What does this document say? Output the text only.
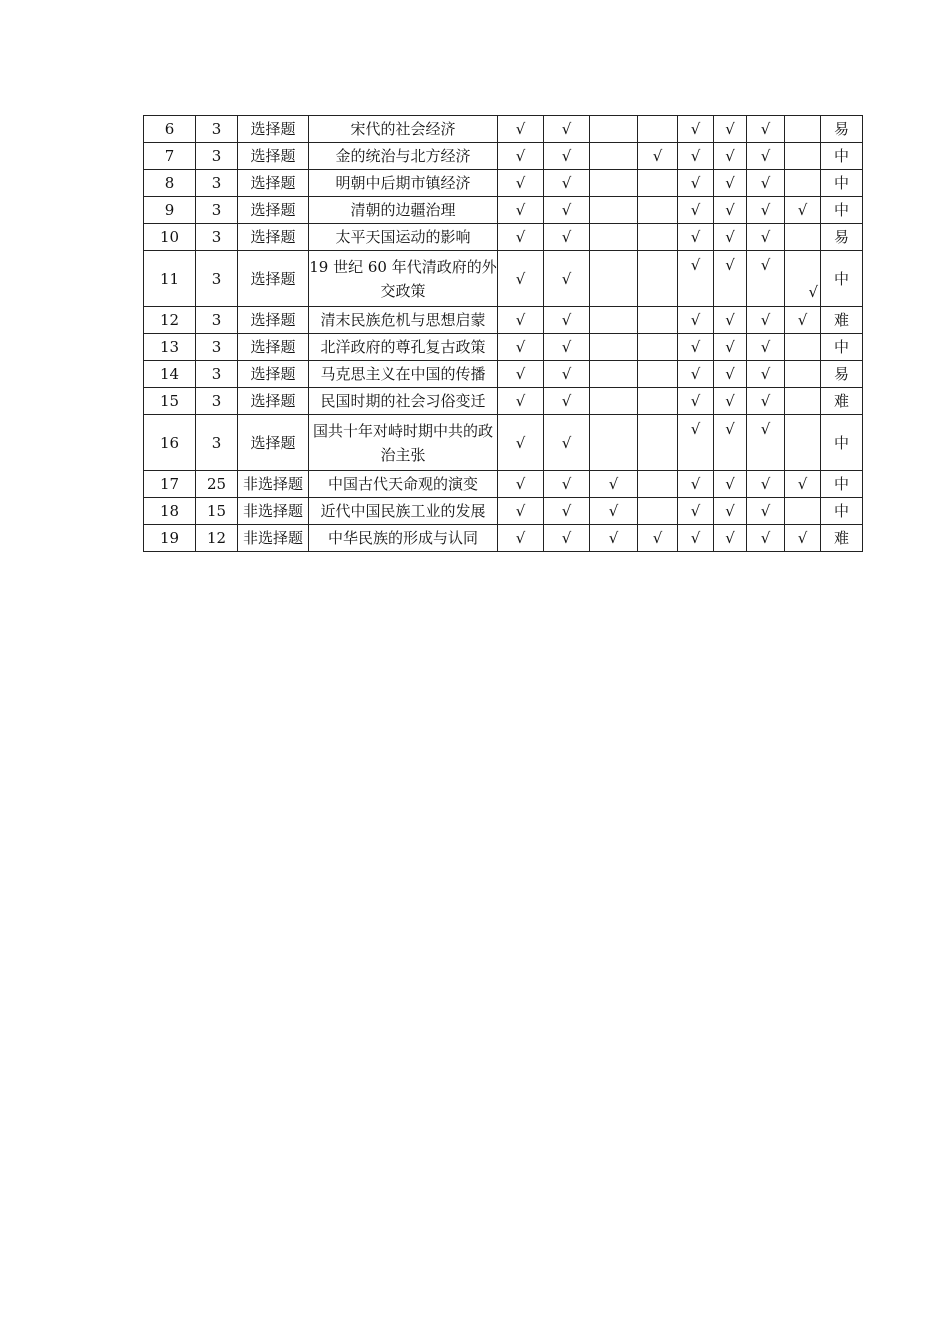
6	3	选择题	宋代的社会经济	√	√			√	√	√		易
7	3	选择题	金的统治与北方经济	√	√		√	√	√	√		中
8	3	选择题	明朝中后期市镇经济	√	√			√	√	√		中
9	3	选择题	清朝的边疆治理	√	√			√	√	√	√	中
10	3	选择题	太平天国运动的影响	√	√			√	√	√		易
11	3	选择题	19 世纪 60 年代清政府的外交政策	√	√			√	√	√	√	中
12	3	选择题	清末民族危机与思想启蒙	√	√			√	√	√	√	难
13	3	选择题	北洋政府的尊孔复古政策	√	√			√	√	√		中
14	3	选择题	马克思主义在中国的传播	√	√			√	√	√		易
15	3	选择题	民国时期的社会习俗变迁	√	√			√	√	√		难
16	3	选择题	国共十年对峙时期中共的政治主张	√	√			√	√	√		中
17	25	非选择题	中国古代天命观的演变	√	√	√		√	√	√	√	中
18	15	非选择题	近代中国民族工业的发展	√	√	√		√	√	√		中
19	12	非选择题	中华民族的形成与认同	√	√	√	√	√	√	√	√	难
